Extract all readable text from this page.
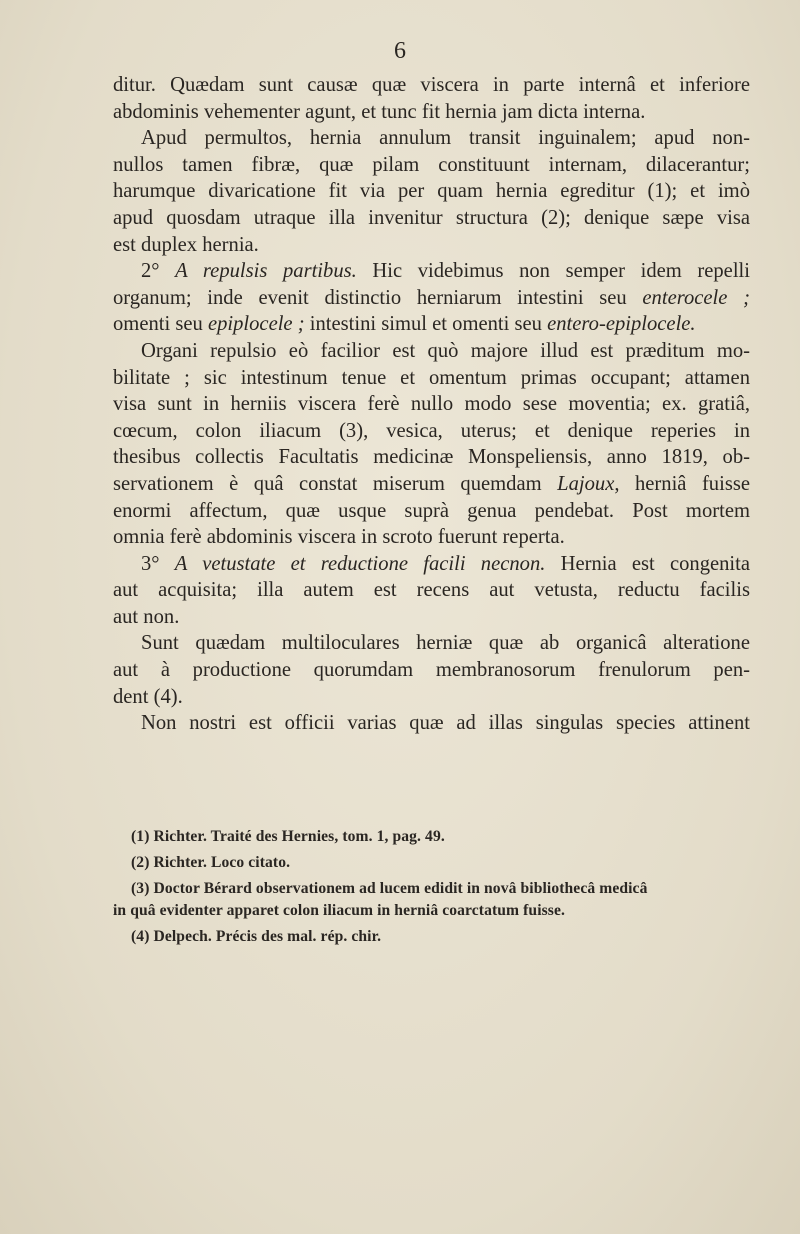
6

ditur. Quædam sunt causæ quæ viscera in parte internâ et inferiore

abdominis vehementer agunt, et tunc fit hernia jam dicta interna.

Apud permultos, hernia annulum transit inguinalem; apud non-

nullos tamen fibræ, quæ pilam constituunt internam, dilacerantur;

harumque divaricatione fit via per quam hernia egreditur (1); et imò

apud quosdam utraque illa invenitur structura (2); denique sæpe visa

est duplex hernia.

2° A repulsis partibus. Hic videbimus non semper idem repelli

organum; inde evenit distinctio herniarum intestini seu enterocele ;

omenti seu epiplocele ; intestini simul et omenti seu entero-epiplocele.

Organi repulsio eò facilior est quò majore illud est præditum mo-

bilitate ; sic intestinum tenue et omentum primas occupant; attamen

visa sunt in herniis viscera ferè nullo modo sese moventia; ex. gratiâ,

cœcum, colon iliacum (3), vesica, uterus; et denique reperies in

thesibus collectis Facultatis medicinæ Monspeliensis, anno 1819, ob-

servationem è quâ constat miserum quemdam Lajoux, herniâ fuisse

enormi affectum, quæ usque suprà genua pendebat. Post mortem

omnia ferè abdominis viscera in scroto fuerunt reperta.

3° A vetustate et reductione facili necnon. Hernia est congenita

aut acquisita; illa autem est recens aut vetusta, reductu facilis

aut non.

Sunt quædam multiloculares herniæ quæ ab organicâ alteratione

aut à productione quorumdam membranosorum frenulorum pen-

dent (4).

Non nostri est officii varias quæ ad illas singulas species attinent

(1) Richter. Traité des Hernies, tom. 1, pag. 49.

(2) Richter. Loco citato.

(3) Doctor Bérard observationem ad lucem edidit in novâ bibliothecâ medicâ

in quâ evidenter apparet colon iliacum in herniâ coarctatum fuisse.

(4) Delpech. Précis des mal. rép. chir.
